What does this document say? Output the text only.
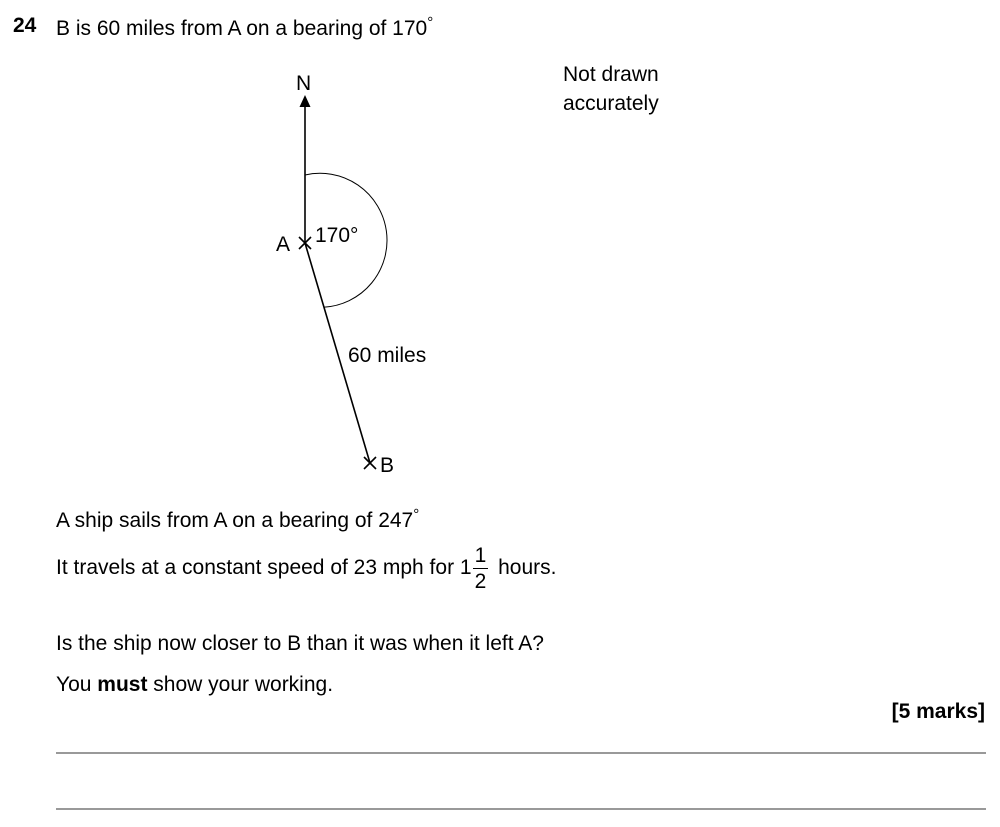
24 B is 60 miles from A on a bearing of 170°
N
A 170°
60 miles
B
Not drawn
accurately
A ship sails from A on a bearing of 247°
It travels at a constant speed of 23 mph for $1 \frac{1}{2}$ hours.
Is the ship now closer to B than it was when it left A?
You must show your working.
[5 marks]
